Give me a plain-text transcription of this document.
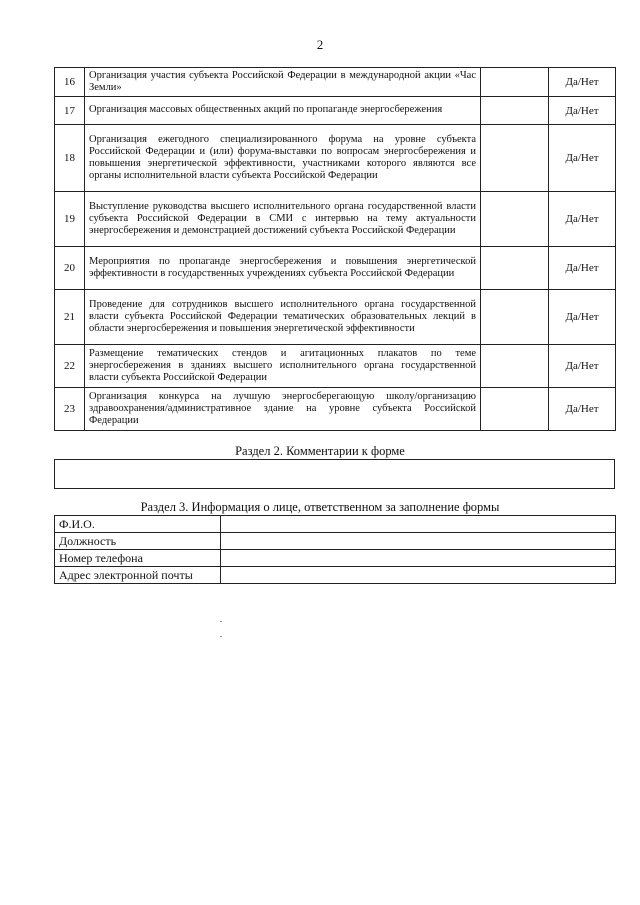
2
16	Организация участия субъекта Российской Федерации в международной акции «Час Земли»		Да/Нет
17	Организация массовых общественных акций по пропаганде энергосбережения		Да/Нет
18	Организация ежегодного специализированного форума на уровне субъекта Российской Федерации и (или) форума-выставки по вопросам энергосбережения и повышения энергетической эффективности, участниками которого являются все органы исполнительной власти субъекта Российской Федерации		Да/Нет
19	Выступление руководства высшего исполнительного органа государственной власти субъекта Российской Федерации в СМИ с интервью на тему актуальности энергосбережения и демонстрацией достижений субъекта Российской Федерации		Да/Нет
20	Мероприятия по пропаганде энергосбережения и повышения энергетической эффективности в государственных учреждениях субъекта Российской Федерации		Да/Нет
21	Проведение для сотрудников высшего исполнительного органа государственной власти субъекта Российской Федерации тематических образовательных лекций в области энергосбережения и повышения энергетической эффективности		Да/Нет
22	Размещение тематических стендов и агитационных плакатов по теме энергосбережения в зданиях высшего исполнительного органа государственной власти субъекта Российской Федерации		Да/Нет
23	Организация конкурса на лучшую энергосберегающую школу/организацию здравоохранения/административное здание на уровне субъекта Российской Федерации		Да/Нет
Раздел 2. Комментарии к форме
Раздел 3. Информация о лице, ответственном за заполнение формы
Ф.И.О.	
Должность	
Номер телефона	
Адрес электронной почты	
